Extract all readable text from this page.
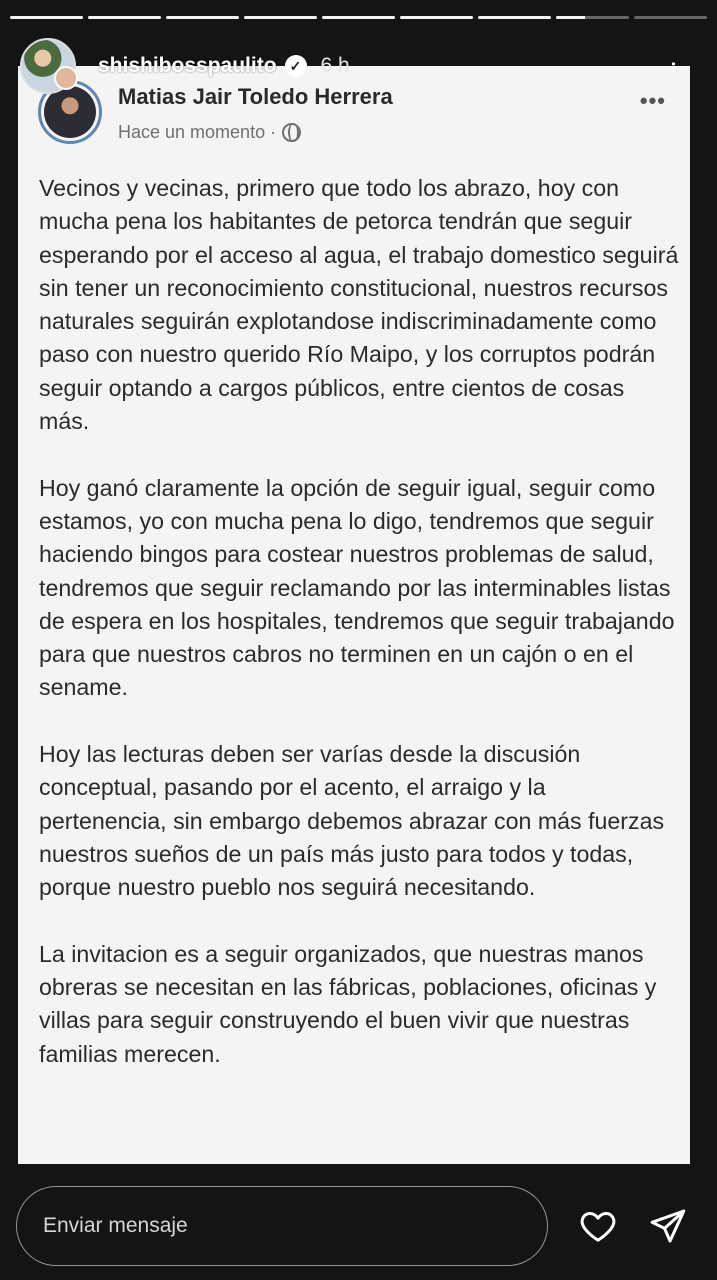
shishibosspaulito ✓ 6 h	...
Matias Jair Toledo Herrera
Hace un momento ·
•••

Vecinos y vecinas, primero que todo los abrazo, hoy con mucha pena los habitantes de petorca tendrán que seguir esperando por el acceso al agua, el trabajo domestico seguirá sin tener un reconocimiento constitucional, nuestros recursos naturales seguirán explotandose indiscriminadamente como paso con nuestro querido Río Maipo, y los corruptos podrán seguir optando a cargos públicos, entre cientos de cosas más.

Hoy ganó claramente la opción de seguir igual, seguir como estamos, yo con mucha pena lo digo, tendremos que seguir haciendo bingos para costear nuestros problemas de salud, tendremos que seguir reclamando por las interminables listas de espera en los hospitales, tendremos que seguir trabajando para que nuestros cabros no terminen en un cajón o en el sename.

Hoy las lecturas deben ser varías desde la discusión conceptual, pasando por el acento, el arraigo y la pertenencia, sin embargo debemos abrazar con más fuerzas nuestros sueños de un país más justo para todos y todas, porque nuestro pueblo nos seguirá necesitando.

La invitacion es a seguir organizados, que nuestras manos obreras se necesitan en las fábricas, poblaciones, oficinas y villas para seguir construyendo el buen vivir que nuestras familias merecen.

Enviar mensaje
